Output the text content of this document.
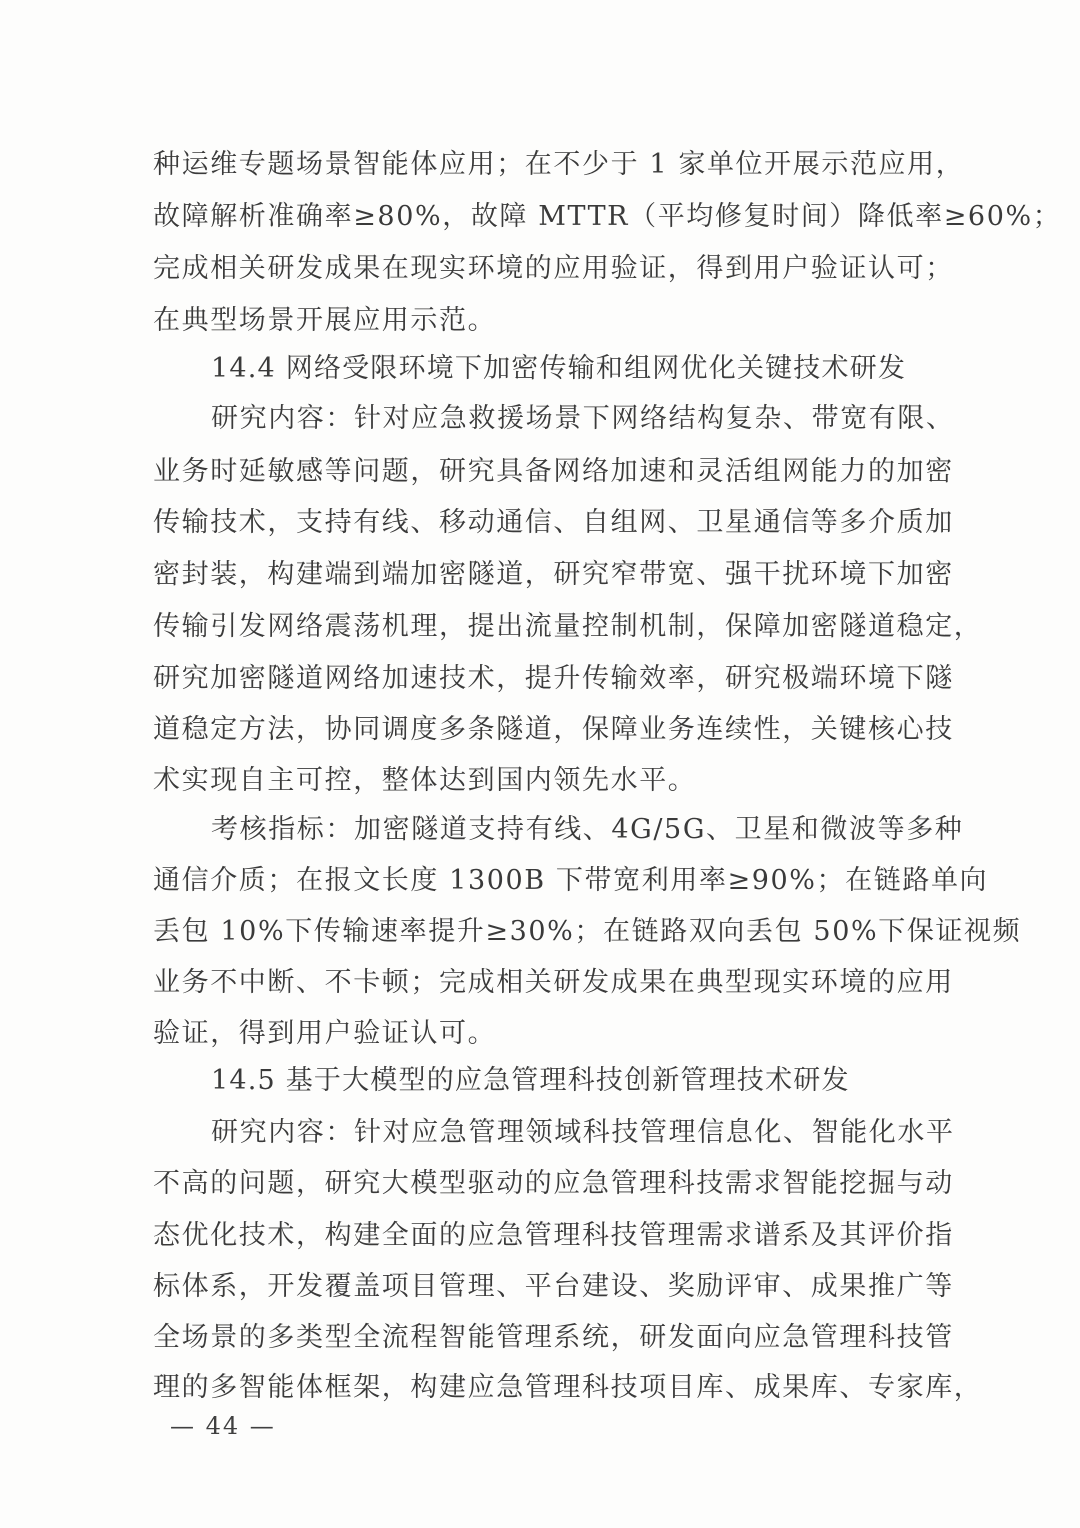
种运维专题场景智能体应用；在不少于 1 家单位开展示范应用，
故障解析准确率≥80%，故障 MTTR（平均修复时间）降低率≥60%；
完成相关研发成果在现实环境的应用验证，得到用户验证认可；
在典型场景开展应用示范。
14.4 网络受限环境下加密传输和组网优化关键技术研发
研究内容：针对应急救援场景下网络结构复杂、带宽有限、
业务时延敏感等问题，研究具备网络加速和灵活组网能力的加密
传输技术，支持有线、移动通信、自组网、卫星通信等多介质加
密封装，构建端到端加密隧道，研究窄带宽、强干扰环境下加密
传输引发网络震荡机理，提出流量控制机制，保障加密隧道稳定，
研究加密隧道网络加速技术，提升传输效率，研究极端环境下隧
道稳定方法，协同调度多条隧道，保障业务连续性，关键核心技
术实现自主可控，整体达到国内领先水平。
考核指标：加密隧道支持有线、4G/5G、卫星和微波等多种
通信介质；在报文长度 1300B 下带宽利用率≥90%；在链路单向
丢包 10%下传输速率提升≥30%；在链路双向丢包 50%下保证视频
业务不中断、不卡顿；完成相关研发成果在典型现实环境的应用
验证，得到用户验证认可。
14.5 基于大模型的应急管理科技创新管理技术研发
研究内容：针对应急管理领域科技管理信息化、智能化水平
不高的问题，研究大模型驱动的应急管理科技需求智能挖掘与动
态优化技术，构建全面的应急管理科技管理需求谱系及其评价指
标体系，开发覆盖项目管理、平台建设、奖励评审、成果推广等
全场景的多类型全流程智能管理系统，研发面向应急管理科技管
理的多智能体框架，构建应急管理科技项目库、成果库、专家库，
— 44 —
